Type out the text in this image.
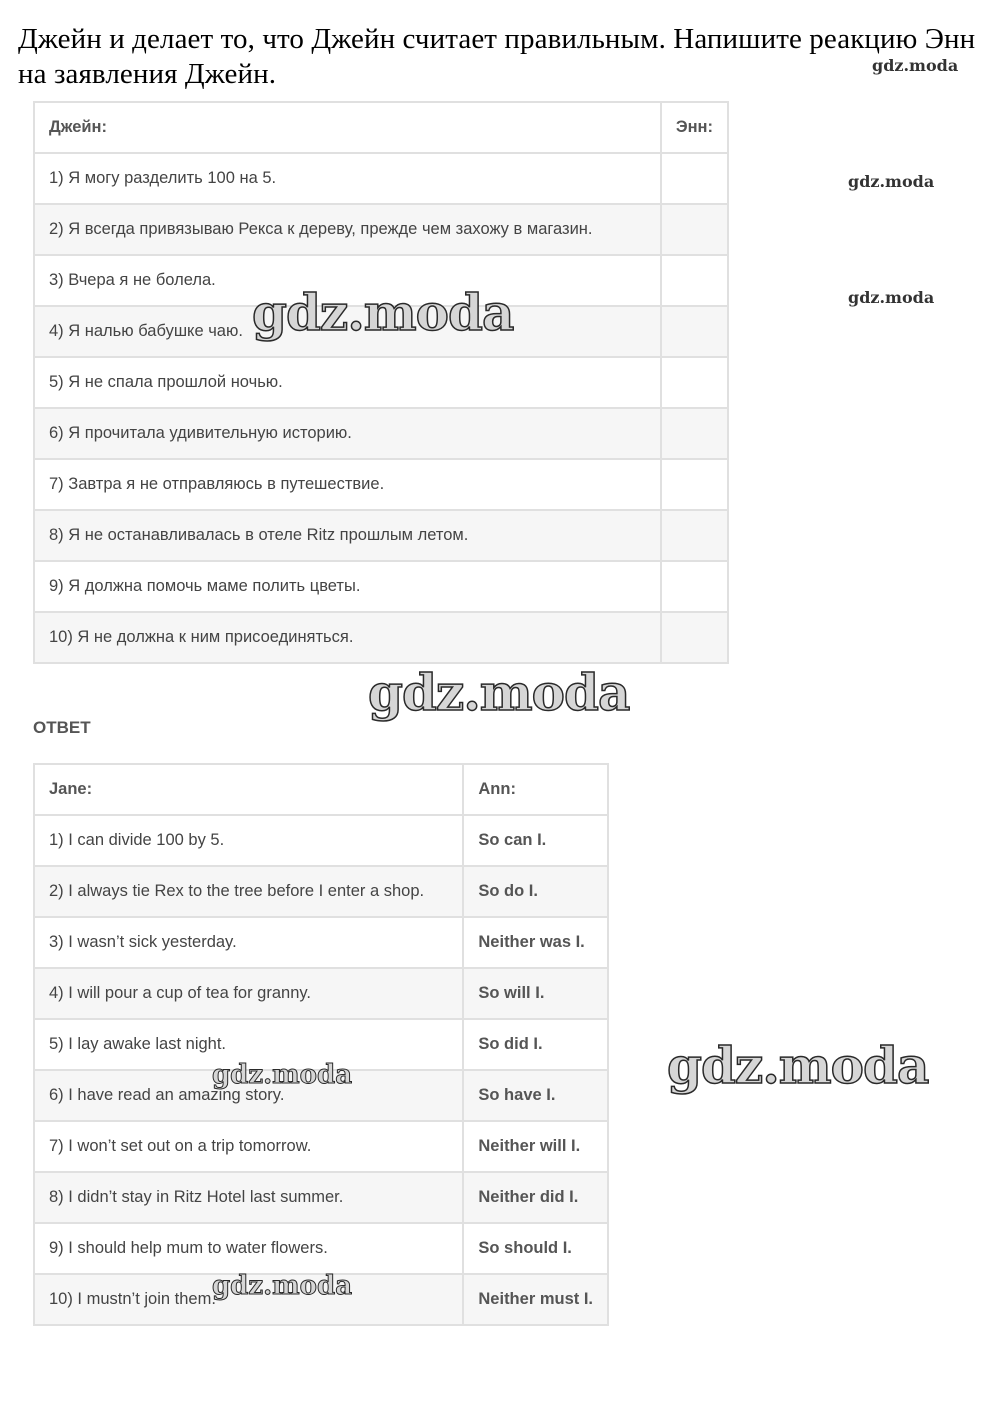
Джейн и делает то, что Джейн считает правильным. Напишите реакцию Энн на заявления Джейн.
Джейн:	Энн:
1) Я могу разделить 100 на 5.	
2) Я всегда привязываю Рекса к дереву, прежде чем захожу в магазин.	
3) Вчера я не болела.	
4) Я налью бабушке чаю.	
5) Я не спала прошлой ночью.	
6) Я прочитала удивительную историю.	
7) Завтра я не отправляюсь в путешествие.	
8) Я не останавливалась в отеле Ritz прошлым летом.	
9) Я должна помочь маме полить цветы.	
10) Я не должна к ним присоединяться.	
ОТВЕТ
Jane:	Ann:
1) I can divide 100 by 5.	So can I.
2) I always tie Rex to the tree before I enter a shop.	So do I.
3) I wasn’t sick yesterday.	Neither was I.
4) I will pour a cup of tea for granny.	So will I.
5) I lay awake last night.	So did I.
6) I have read an amazing story.	So have I.
7) I won’t set out on a trip tomorrow.	Neither will I.
8) I didn’t stay in Ritz Hotel last summer.	Neither did I.
9) I should help mum to water flowers.	So should I.
10) I mustn’t join them.	Neither must I.
gdz.moda
gdz.moda
gdz.moda
gdz.moda
gdz.moda
gdz.moda
gdz.moda
gdz.moda
